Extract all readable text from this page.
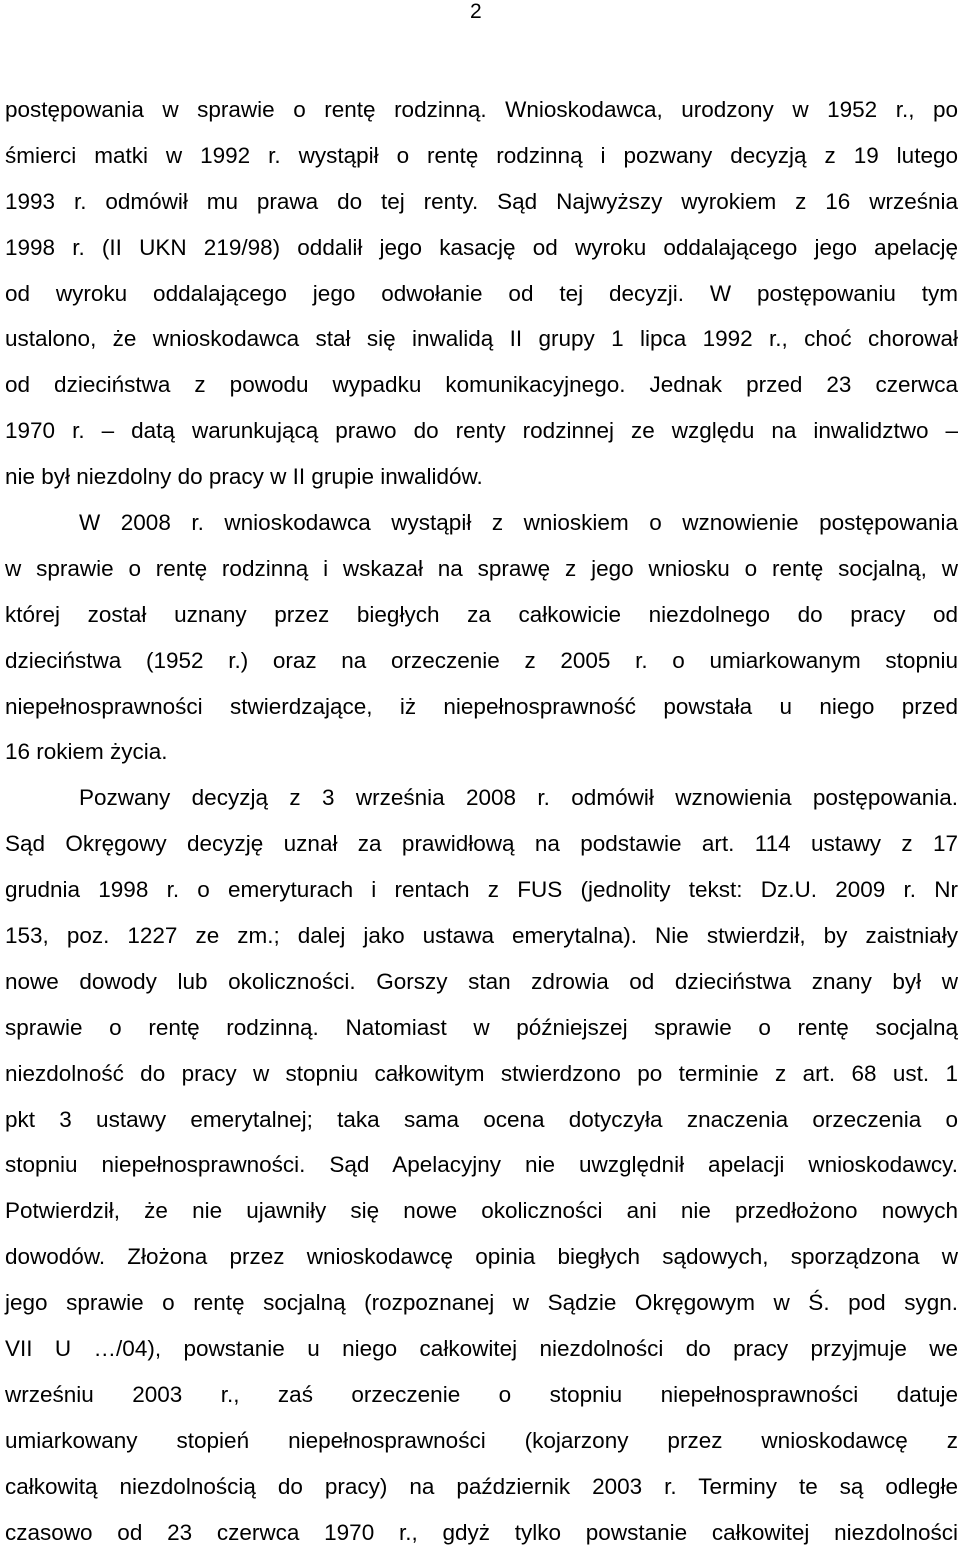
2
postępowania w sprawie o rentę rodzinną. Wnioskodawca, urodzony w 1952 r., po
śmierci matki w 1992 r. wystąpił o rentę rodzinną i pozwany decyzją z 19 lutego
1993 r. odmówił mu prawa do tej renty. Sąd Najwyższy wyrokiem z 16 września
1998 r. (II UKN 219/98) oddalił jego kasację od wyroku oddalającego jego apelację
od wyroku oddalającego jego odwołanie od tej decyzji. W postępowaniu tym
ustalono, że wnioskodawca stał się inwalidą II grupy 1 lipca 1992 r., choć chorował
od dzieciństwa z powodu wypadku komunikacyjnego. Jednak przed 23 czerwca
1970 r. – datą warunkującą prawo do renty rodzinnej ze względu na inwalidztwo –
nie był niezdolny do pracy w II grupie inwalidów.
W 2008 r. wnioskodawca wystąpił z wnioskiem o wznowienie postępowania
w sprawie o rentę rodzinną i wskazał na sprawę z jego wniosku o rentę socjalną, w
której został uznany przez biegłych za całkowicie niezdolnego do pracy od
dzieciństwa (1952 r.) oraz na orzeczenie z 2005 r. o umiarkowanym stopniu
niepełnosprawności stwierdzające, iż niepełnosprawność powstała u niego przed
16 rokiem życia.
Pozwany decyzją z 3 września 2008 r. odmówił wznowienia postępowania.
Sąd Okręgowy decyzję uznał za prawidłową na podstawie art. 114 ustawy z 17
grudnia 1998 r. o emeryturach i rentach z FUS (jednolity tekst: Dz.U. 2009 r. Nr
153, poz. 1227 ze zm.; dalej jako ustawa emerytalna). Nie stwierdził, by zaistniały
nowe dowody lub okoliczności. Gorszy stan zdrowia od dzieciństwa znany był w
sprawie o rentę rodzinną. Natomiast w późniejszej sprawie o rentę socjalną
niezdolność do pracy w stopniu całkowitym stwierdzono po terminie z art. 68 ust. 1
pkt 3 ustawy emerytalnej; taka sama ocena dotyczyła znaczenia orzeczenia o
stopniu niepełnosprawności. Sąd Apelacyjny nie uwzględnił apelacji wnioskodawcy.
Potwierdził, że nie ujawniły się nowe okoliczności ani nie przedłożono nowych
dowodów. Złożona przez wnioskodawcę opinia biegłych sądowych, sporządzona w
jego sprawie o rentę socjalną (rozpoznanej w Sądzie Okręgowym w Ś. pod sygn.
VII U …/04), powstanie u niego całkowitej niezdolności do pracy przyjmuje we
wrześniu 2003 r., zaś orzeczenie o stopniu niepełnosprawności datuje
umiarkowany stopień niepełnosprawności (kojarzony przez wnioskodawcę z
całkowitą niezdolnością do pracy) na październik 2003 r. Terminy te są odległe
czasowo od 23 czerwca 1970 r., gdyż tylko powstanie całkowitej niezdolności
